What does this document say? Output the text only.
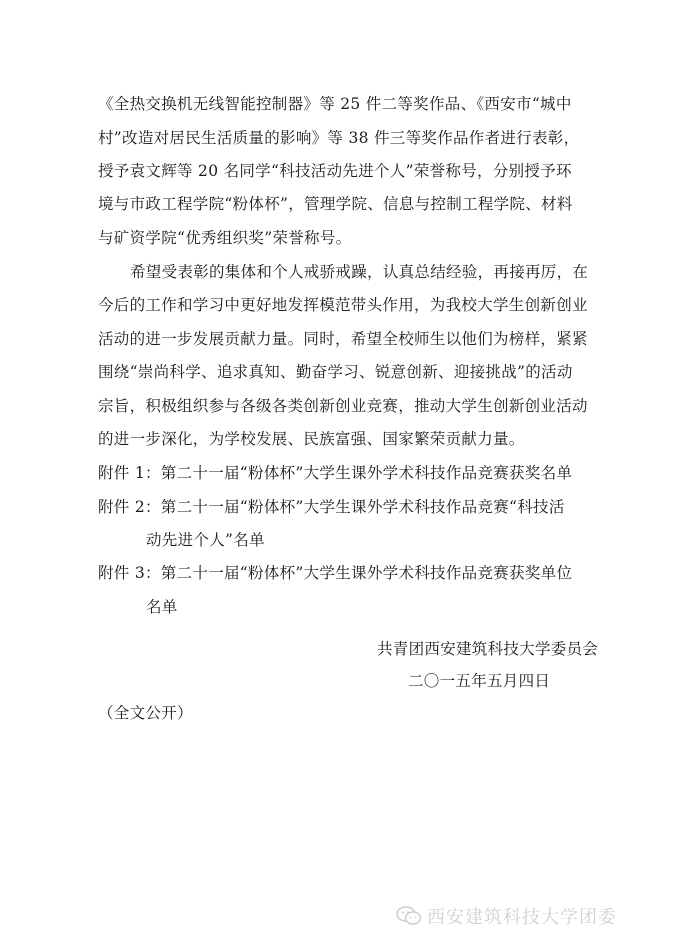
《全热交换机无线智能控制器》等 25 件二等奖作品、《西安市“城中
村”改造对居民生活质量的影响》等 38 件三等奖作品作者进行表彰，
授予袁文辉等 20 名同学“科技活动先进个人”荣誉称号，分别授予环
境与市政工程学院“粉体杯”，管理学院、信息与控制工程学院、材料
与矿资学院“优秀组织奖”荣誉称号。
希望受表彰的集体和个人戒骄戒躁，认真总结经验，再接再厉，在
今后的工作和学习中更好地发挥模范带头作用，为我校大学生创新创业
活动的进一步发展贡献力量。同时，希望全校师生以他们为榜样，紧紧
围绕“崇尚科学、追求真知、勤奋学习、锐意创新、迎接挑战”的活动
宗旨，积极组织参与各级各类创新创业竞赛，推动大学生创新创业活动
的进一步深化，为学校发展、民族富强、国家繁荣贡献力量。
附件 1：第二十一届“粉体杯”大学生课外学术科技作品竞赛获奖名单
附件 2：第二十一届“粉体杯”大学生课外学术科技作品竞赛“科技活
动先进个人”名单
附件 3：第二十一届“粉体杯”大学生课外学术科技作品竞赛获奖单位
名单
共青团西安建筑科技大学委员会
二〇一五年五月四日
（全文公开）
西安建筑科技大学团委
